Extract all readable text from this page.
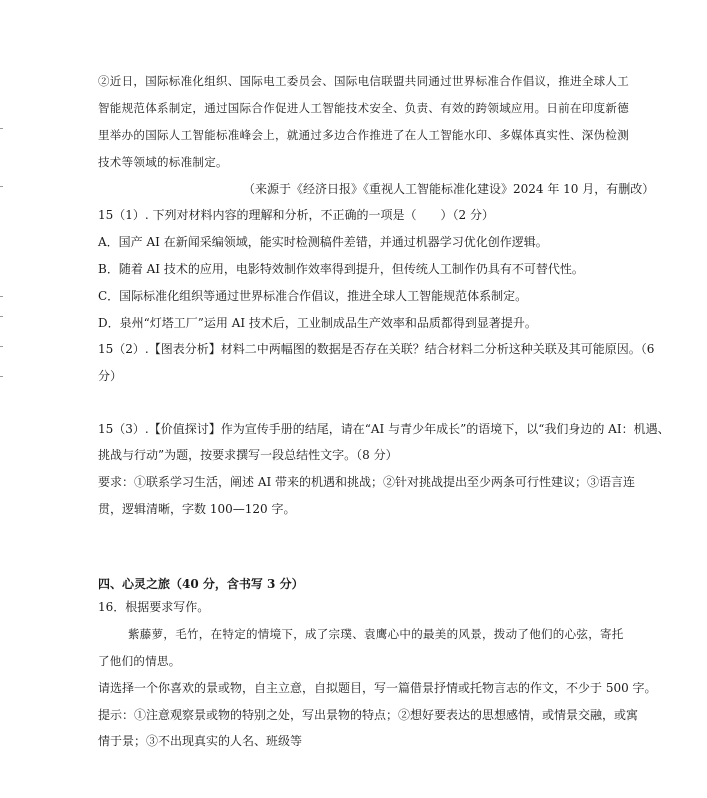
②近日，国际标准化组织、国际电工委员会、国际电信联盟共同通过世界标准合作倡议，推进全球人工
智能规范体系制定，通过国际合作促进人工智能技术安全、负责、有效的跨领域应用。日前在印度新德
里举办的国际人工智能标准峰会上，就通过多边合作推进了在人工智能水印、多媒体真实性、深伪检测
技术等领域的标准制定。
（来源于《经济日报》《重视人工智能标准化建设》2024 年 10 月，有删改）
15（1）. 下列对材料内容的理解和分析，不正确的一项是（　　）（2 分）
A．国产 AI 在新闻采编领域，能实时检测稿件差错，并通过机器学习优化创作逻辑。
B．随着 AI 技术的应用，电影特效制作效率得到提升，但传统人工制作仍具有不可替代性。
C．国际标准化组织等通过世界标准合作倡议，推进全球人工智能规范体系制定。
D．泉州“灯塔工厂”运用 AI 技术后，工业制成品生产效率和品质都得到显著提升。
15（2）.【图表分析】材料二中两幅图的数据是否存在关联？结合材料二分析这种关联及其可能原因。（6
分）
15（3）.【价值探讨】作为宣传手册的结尾，请在“AI 与青少年成长”的语境下，以“我们身边的 AI：机遇、
挑战与行动”为题，按要求撰写一段总结性文字。（8 分）
要求：①联系学习生活，阐述 AI 带来的机遇和挑战；②针对挑战提出至少两条可行性建议；③语言连
贯，逻辑清晰，字数 100—120 字。
四、心灵之旅（40 分，含书写 3 分）
16．根据要求写作。
紫藤萝，毛竹，在特定的情境下，成了宗璞、袁鹰心中的最美的风景，拨动了他们的心弦，寄托
了他们的情思。
请选择一个你喜欢的景或物，自主立意，自拟题目，写一篇借景抒情或托物言志的作文，不少于 500 字。
提示：①注意观察景或物的特别之处，写出景物的特点；②想好要表达的思想感情，或情景交融，或寓
情于景；③不出现真实的人名、班级等
